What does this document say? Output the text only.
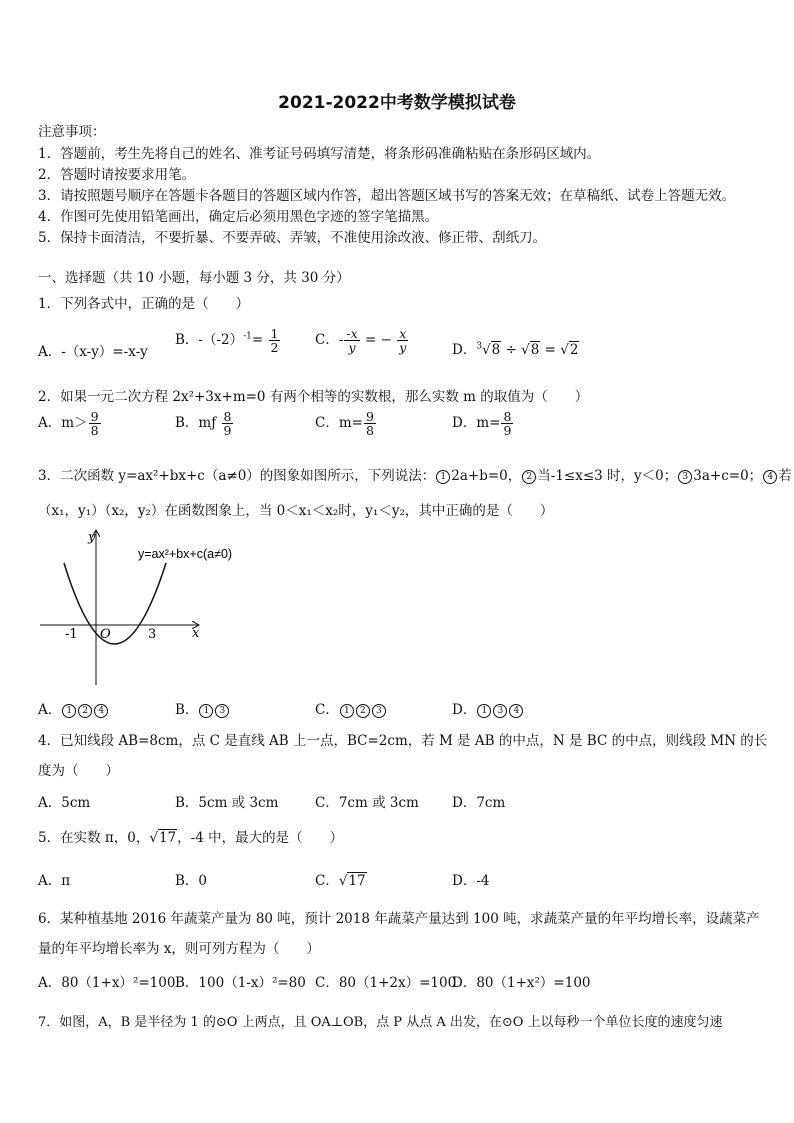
2021-2022中考数学模拟试卷
注意事项：
1．答题前，考生先将自己的姓名、准考证号码填写清楚，将条形码准确粘贴在条形码区域内。
2．答题时请按要求用笔。
3．请按照题号顺序在答题卡各题目的答题区域内作答，超出答题区域书写的答案无效；在草稿纸、试卷上答题无效。
4．作图可先使用铅笔画出，确定后必须用黑色字迹的签字笔描黑。
5．保持卡面清洁，不要折暴、不要弄破、弄皱，不准使用涂改液、修正带、刮纸刀。
一、选择题（共 10 小题，每小题 3 分，共 30 分）
1．下列各式中，正确的是（　　）
A．-（x-y）=-x-y
B．$-(-2)^{-1}= \frac{1}{2}$	C．- $\frac{-x}{y}$ = − $\frac{x}{y}$	D．$^3$√8 ÷ √8 = √2
2．如果一元二次方程 2x²+3x+m=0 有两个相等的实数根，那么实数 m 的取值为（　　）
A．$m> \frac{9}{8}$	B．mƒ $\frac{8}{9}$	C．$m= \frac{9}{8}$	D．$m= \frac{8}{9}$
3．二次函数 y=ax²+bx+c（a≠0）的图象如图所示，下列说法： 1 2a+b=0， 2 当-1≤x≤3 时，y＜0； 3 3a+c=0； 4 若
（x₁，y₁）（x₂，y₂）在函数图象上，当 0＜x₁＜x₂时，y₁＜y₂，其中正确的是（　　）
y
x
O
-1	3
y=ax²+bx+c(a≠0)
A． 1 2 4	B． 1 3	C． 1 2 3	D． 1 3 4
4．已知线段 AB=8cm，点 C 是直线 AB 上一点，BC=2cm，若 M 是 AB 的中点，N 是 BC 的中点，则线段 MN 的长
度为（　　）
A．5cm	B．5cm 或 3cm	C．7cm 或 3cm D．7cm
5．在实数 π，0，√17，-4 中，最大的是（　　）
A．π	B．0	C．√17	D．-4
6．某种植基地 2016 年蔬菜产量为 80 吨，预计 2018 年蔬菜产量达到 100 吨，求蔬菜产量的年平均增长率，设蔬菜产
量的年平均增长率为 x，则可列方程为（　　）
A．80（1+x）²=100 B．100（1-x）²=80 C．80（1+2x）=100
D．80（1+x²）=100
7．如图，A，B 是半径为 1 的⊙O 上两点，且 OA⊥OB，点 P 从点 A 出发，在⊙O 上以每秒一个单位长度的速度匀速
